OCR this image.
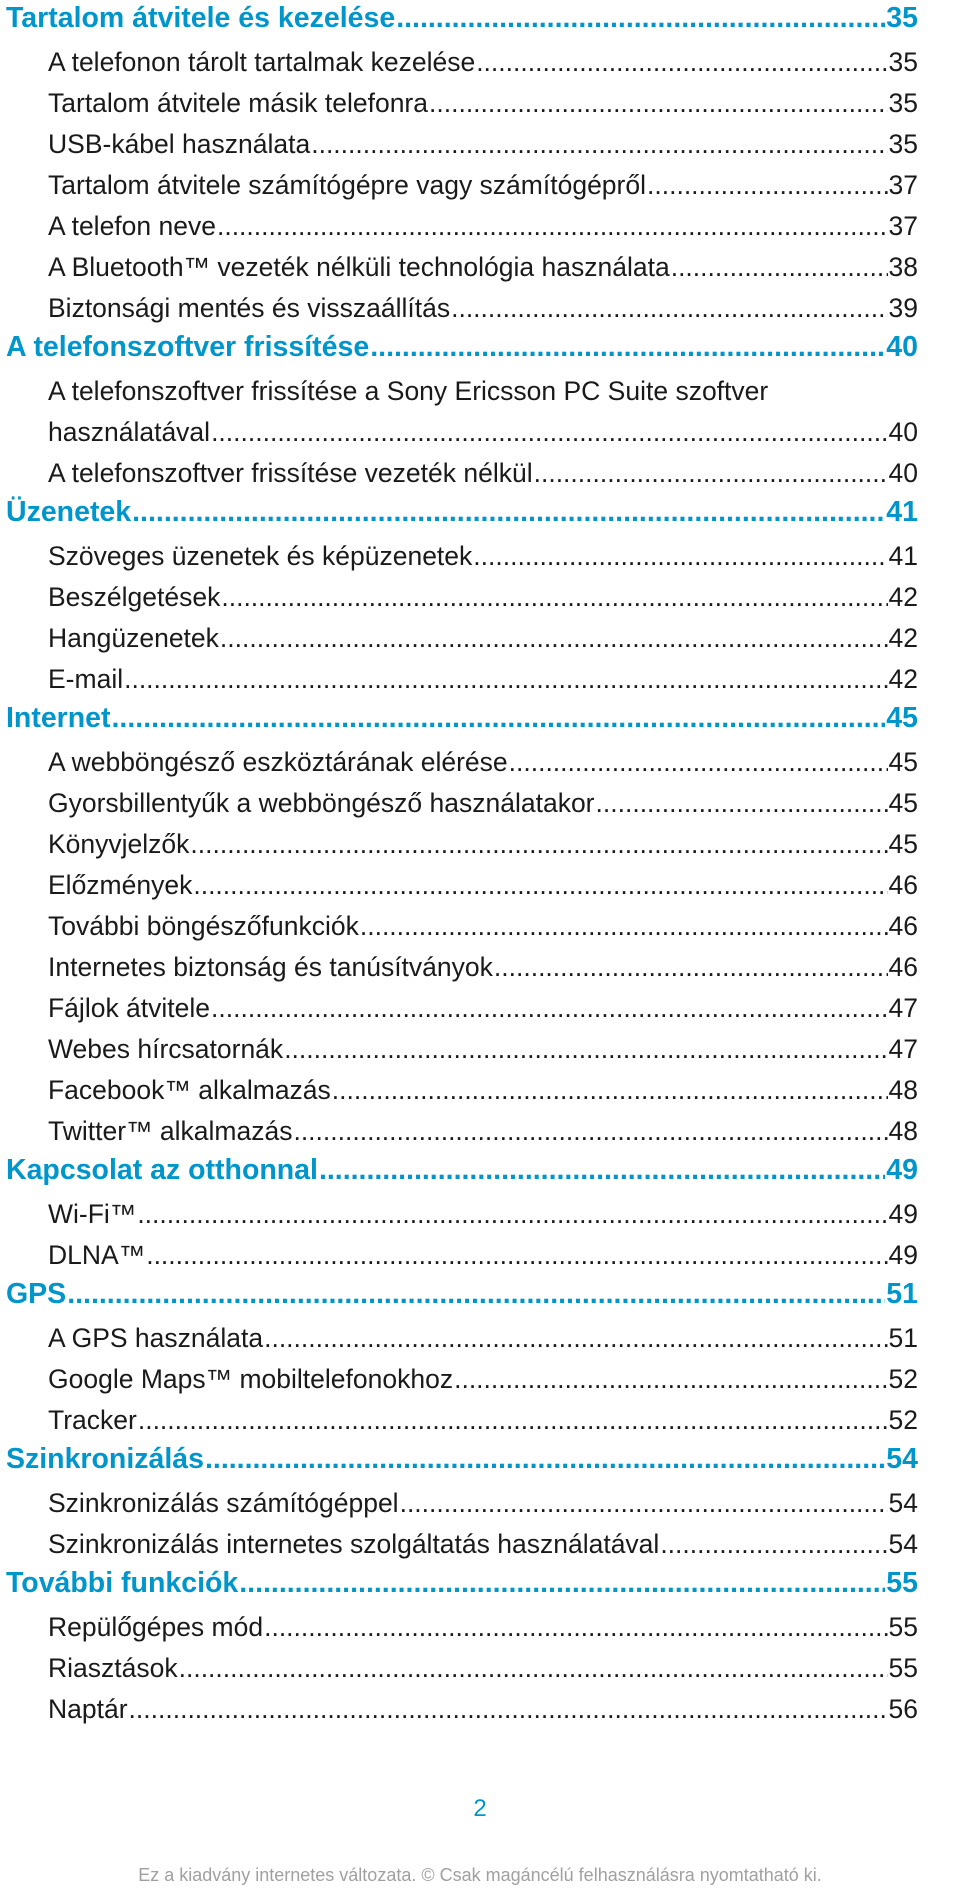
Tartalom átvitele és kezelése .....	35
A telefonon tárolt tartalmak kezelése .....	35
Tartalom átvitele másik telefonra .....	35
USB-kábel használata .....	35
Tartalom átvitele számítógépre vagy számítógépről .....	37
A telefon neve .....	37
A Bluetooth™ vezeték nélküli technológia használata .....	38
Biztonsági mentés és visszaállítás .....	39
A telefonszoftver frissítése .....	40
A telefonszoftver frissítése a Sony Ericsson PC Suite szoftver
használatával .....	40
A telefonszoftver frissítése vezeték nélkül .....	40
Üzenetek .....	41
Szöveges üzenetek és képüzenetek .....	41
Beszélgetések .....	42
Hangüzenetek .....	42
E-mail .....	42
Internet .....	45
A webböngésző eszköztárának elérése .....	45
Gyorsbillentyűk a webböngésző használatakor .....	45
Könyvjelzők .....	45
Előzmények .....	46
További böngészőfunkciók .....	46
Internetes biztonság és tanúsítványok .....	46
Fájlok átvitele .....	47
Webes hírcsatornák .....	47
Facebook™ alkalmazás .....	48
Twitter™ alkalmazás .....	48
Kapcsolat az otthonnal .....	49
Wi-Fi™ .....	49
DLNA™ .....	49
GPS .....	51
A GPS használata .....	51
Google Maps™ mobiltelefonokhoz .....	52
Tracker .....	52
Szinkronizálás .....	54
Szinkronizálás számítógéppel .....	54
Szinkronizálás internetes szolgáltatás használatával .....	54
További funkciók .....	55
Repülőgépes mód .....	55
Riasztások .....	55
Naptár .....	56
2
Ez a kiadvány internetes változata. © Csak magáncélú felhasználásra nyomtatható ki.
